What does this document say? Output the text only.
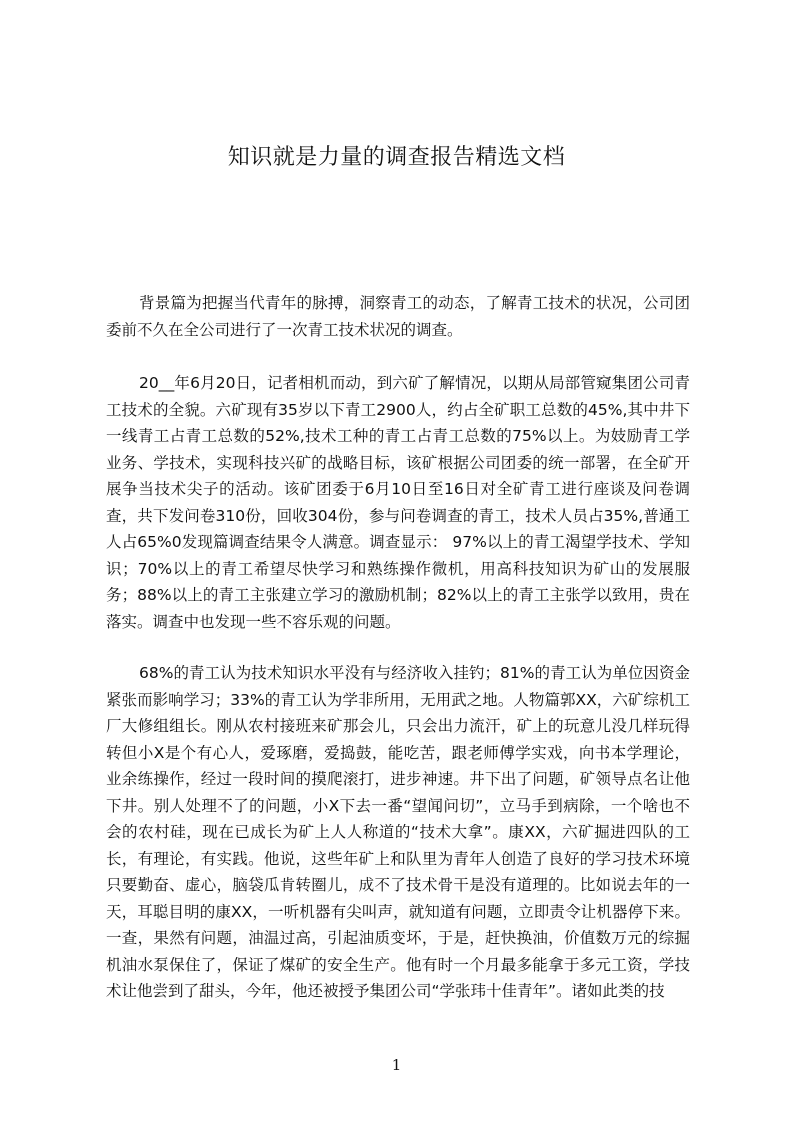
知识就是力量的调查报告精选文档

背景篇为把握当代青年的脉搏，洞察青工的动态，了解青工技术的状况，公司团委前不久在全公司进行了一次青工技术状况的调查。

20__年6月20日，记者相机而动，到六矿了解情况，以期从局部管窥集团公司青工技术的全貌。六矿现有35岁以下青工2900人，约占全矿职工总数的45%,其中井下一线青工占青工总数的52%,技术工种的青工占青工总数的75%以上。为妓励青工学业务、学技术，实现科技兴矿的战略目标，该矿根据公司团委的统一部署，在全矿开展争当技术尖子的活动。该矿团委于6月10日至16日对全矿青工进行座谈及问卷调查，共下发问卷310份，回收304份，参与问卷调查的青工，技术人员占35%,普通工人占65%0发现篇调查结果令人满意。调查显示： 97%以上的青工渴望学技术、学知识；70%以上的青工希望尽快学习和熟练操作微机，用高科技知识为矿山的发展服务；88%以上的青工主张建立学习的激励机制；82%以上的青工主张学以致用，贵在落实。调查中也发现一些不容乐观的问题。

68%的青工认为技术知识水平没有与经济收入挂钓；81%的青工认为单位因资金紧张而影响学习；33%的青工认为学非所用，无用武之地。人物篇郭XX，六矿综机工厂大修组组长。刚从农村接班来矿那会儿，只会出力流汗，矿上的玩意儿没几样玩得转但小X是个有心人，爱琢磨，爱捣鼓，能吃苦，跟老师傅学实戏，向书本学理论，业余练操作，经过一段时间的摸爬滚打，进步神速。井下出了问题，矿领导点名让他下井。别人处理不了的问题，小X下去一番“望闻问切”，立马手到病除，一个啥也不会的农村硅，现在已成长为矿上人人称道的“技术大拿”。康XX，六矿掘进四队的工长，有理论，有实践。他说，这些年矿上和队里为青年人创造了良好的学习技术环境只要勤奋、虚心，脑袋瓜肯转圈儿，成不了技术骨干是没有道理的。比如说去年的一天，耳聪目明的康XX，一听机器有尖叫声，就知道有问题，立即责令让机器停下来。一查，果然有问题，油温过高，引起油质变坏，于是，赶快换油，价值数万元的综掘机油水泵保住了，保证了煤矿的安全生产。他有时一个月最多能拿于多元工资，学技术让他尝到了甜头，今年，他还被授予集团公司“学张玮十佳青年”。诸如此类的技

1
